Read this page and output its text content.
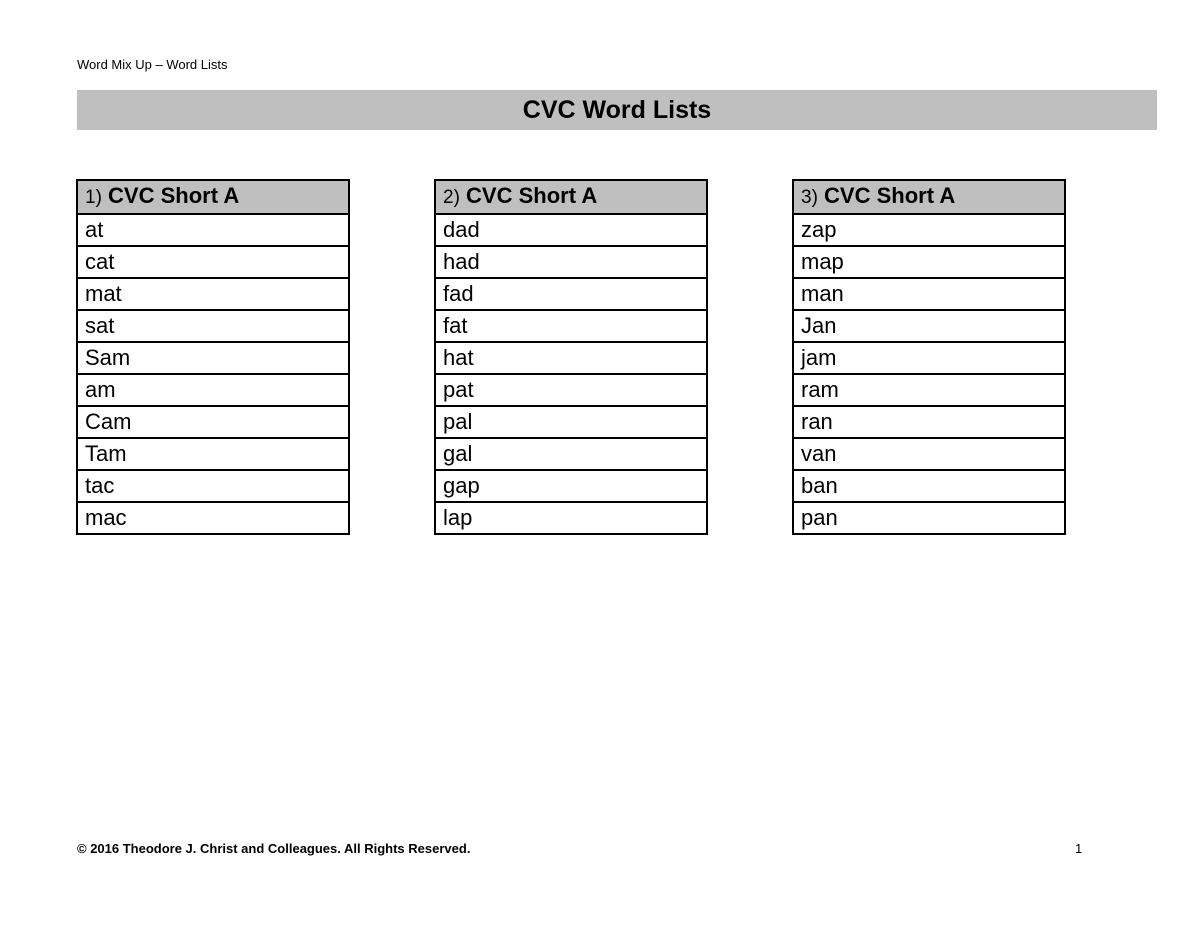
Word Mix Up – Word Lists
CVC Word Lists
1) CVC Short A
at
cat
mat
sat
Sam
am
Cam
Tam
tac
mac
2) CVC Short A
dad
had
fad
fat
hat
pat
pal
gal
gap
lap
3) CVC Short A
zap
map
man
Jan
jam
ram
ran
van
ban
pan
© 2016 Theodore J. Christ and Colleagues. All Rights Reserved.	1
